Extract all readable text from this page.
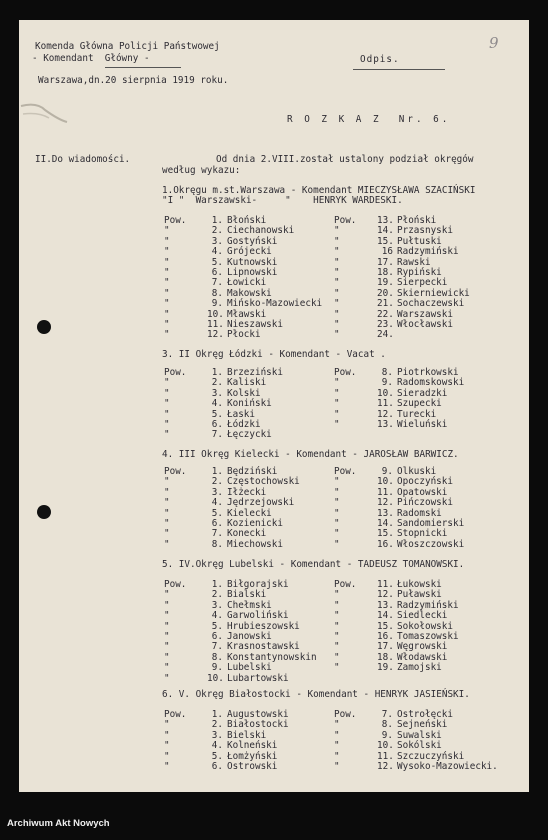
9
Komenda Główna Policji Państwowej
- Komendant  Główny -
Warszawa,dn.20 sierpnia 1919 roku.
Odpis.
R O Z K A Z  Nr. 6.
II.Do wiadomości.	Od dnia 2.VIII.został ustalony podział okręgów
według wykazu:
1.Okręgu m.st.Warszawa - Komendant MIECZYSŁAWA SZACIŃSKI
"I "  Warszawski-     "    HENRYK WARDESKI.
Pow.	1. Błoński
"	2. Ciechanowski
"	3. Gostyński
"	4. Grójecki
"	5. Kutnowski
"	6. Lipnowski
"	7. Łowicki
"	8. Makowski
"	9. Mińsko-Mazowiecki
"	10. Mławski
"	11. Nieszawski
"	12. Płocki
Pow.	13. Płoński
"	14. Przasnyski
"	15. Pułtuski
"	16 Radzymiński
"	17. Rawski
"	18. Rypiński
"	19. Sierpecki
"	20. Skierniewicki
"	21. Sochaczewski
"	22. Warszawski
"	23. Włocławski
"	24.
3. II Okręg Łódzki - Komendant - Vacat .
Pow.	1. Brzeziński
"	2. Kaliski
"	3. Kolski
"	4. Koniński
"	5. Łaski
"	6. Łódzki
"	7. Łęczycki
Pow.	8. Piotrkowski
"	9. Radomskowski
"	10. Sieradzki
"	11. Szupecki
"	12. Turecki
"	13. Wieluński
4. III Okręg Kielecki - Komendant - JAROSŁAW BARWICZ.
Pow.	1. Będziński
"	2. Częstochowski
"	3. Iłżecki
"	4. Jędrzejowski
"	5. Kielecki
"	6. Kozienicki
"	7. Konecki
"	8. Miechowski
Pow.	9. Olkuski
"	10. Opoczyński
"	11. Opatowski
"	12. Pińczowski
"	13. Radomski
"	14. Sandomierski
"	15. Stopnicki
"	16. Włoszczowski
5. IV.Okręg Lubelski - Komendant - TADEUSZ TOMANOWSKI.
Pow.	1. Biłgorajski
"	2. Bialski
"	3. Chełmski
"	4. Garwoliński
"	5. Hrubieszowski
"	6. Janowski
"	7. Krasnostawski
"	8. Konstantynowskin
"	9. Lubelski
"	10. Lubartowski
Pow.	11. Łukowski
"	12. Puławski
"	13. Radzymiński
"	14. Siedlecki
"	15. Sokołowski
"	16. Tomaszowski
"	17. Węgrowski
"	18. Włodawski
"	19. Zamojski
6. V. Okręg Białostocki - Komendant - HENRYK JASIEŃSKI.
Pow.	1. Augustowski
"	2. Białostocki
"	3. Bielski
"	4. Kolneński
"	5. Łomżyński
"	6. Ostrowski
Pow.	7. Ostrołęcki
"	8. Sejneński
"	9. Suwalski
"	10. Sokólski
"	11. Szczuczyński
"	12. Wysoko-Mazowiecki.
Archiwum Akt Nowych
